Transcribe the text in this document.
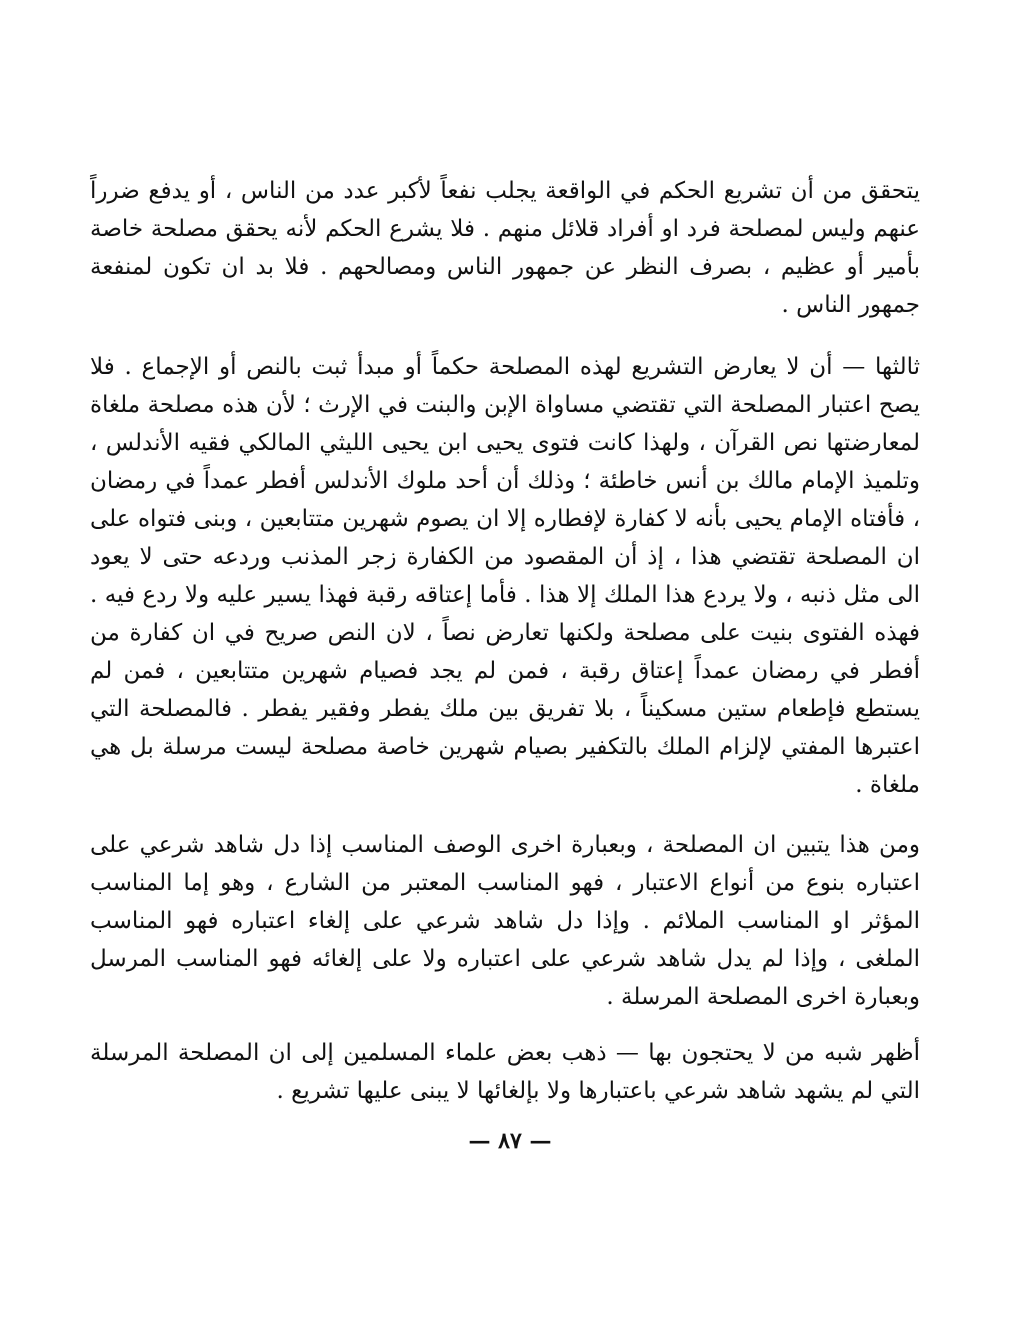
يتحقق من أن تشريع الحكم في الواقعة يجلب نفعاً لأكبر عدد من الناس ، أو يدفع ضرراً عنهم وليس لمصلحة فرد او أفراد قلائل منهم . فلا يشرع الحكم لأنه يحقق مصلحة خاصة بأمير أو عظيم ، بصرف النظر عن جمهور الناس ومصالحهم . فلا بد ان تكون لمنفعة جمهور الناس .

ثالثها — أن لا يعارض التشريع لهذه المصلحة حكماً أو مبدأ ثبت بالنص أو الإجماع . فلا يصح اعتبار المصلحة التي تقتضي مساواة الإبن والبنت في الإرث ؛ لأن هذه مصلحة ملغاة لمعارضتها نص القرآن ، ولهذا كانت فتوى يحيى ابن يحيى الليثي المالكي فقيه الأندلس ، وتلميذ الإمام مالك بن أنس خاطئة ؛ وذلك أن أحد ملوك الأندلس أفطر عمداً في رمضان ، فأفتاه الإمام يحيى بأنه لا كفارة لإفطاره إلا ان يصوم شهرين متتابعين ، وبنى فتواه على ان المصلحة تقتضي هذا ، إذ أن المقصود من الكفارة زجر المذنب وردعه حتى لا يعود الى مثل ذنبه ، ولا يردع هذا الملك إلا هذا . فأما إعتاقه رقبة فهذا يسير عليه ولا ردع فيه . فهذه الفتوى بنيت على مصلحة ولكنها تعارض نصاً ، لان النص صريح في ان كفارة من أفطر في رمضان عمداً إعتاق رقبة ، فمن لم يجد فصيام شهرين متتابعين ، فمن لم يستطع فإطعام ستين مسكيناً ، بلا تفريق بين ملك يفطر وفقير يفطر . فالمصلحة التي اعتبرها المفتي لإلزام الملك بالتكفير بصيام شهرين خاصة مصلحة ليست مرسلة بل هي ملغاة .

ومن هذا يتبين ان المصلحة ، وبعبارة اخرى الوصف المناسب إذا دل شاهد شرعي على اعتباره بنوع من أنواع الاعتبار ، فهو المناسب المعتبر من الشارع ، وهو إما المناسب المؤثر او المناسب الملائم . وإذا دل شاهد شرعي على إلغاء اعتباره فهو المناسب الملغى ، وإذا لم يدل شاهد شرعي على اعتباره ولا على إلغائه فهو المناسب المرسل وبعبارة اخرى المصلحة المرسلة .

أظهر شبه من لا يحتجون بها — ذهب بعض علماء المسلمين إلى ان المصلحة المرسلة التي لم يشهد شاهد شرعي باعتبارها ولا بإلغائها لا يبنى عليها تشريع .

— ٨٧ —
